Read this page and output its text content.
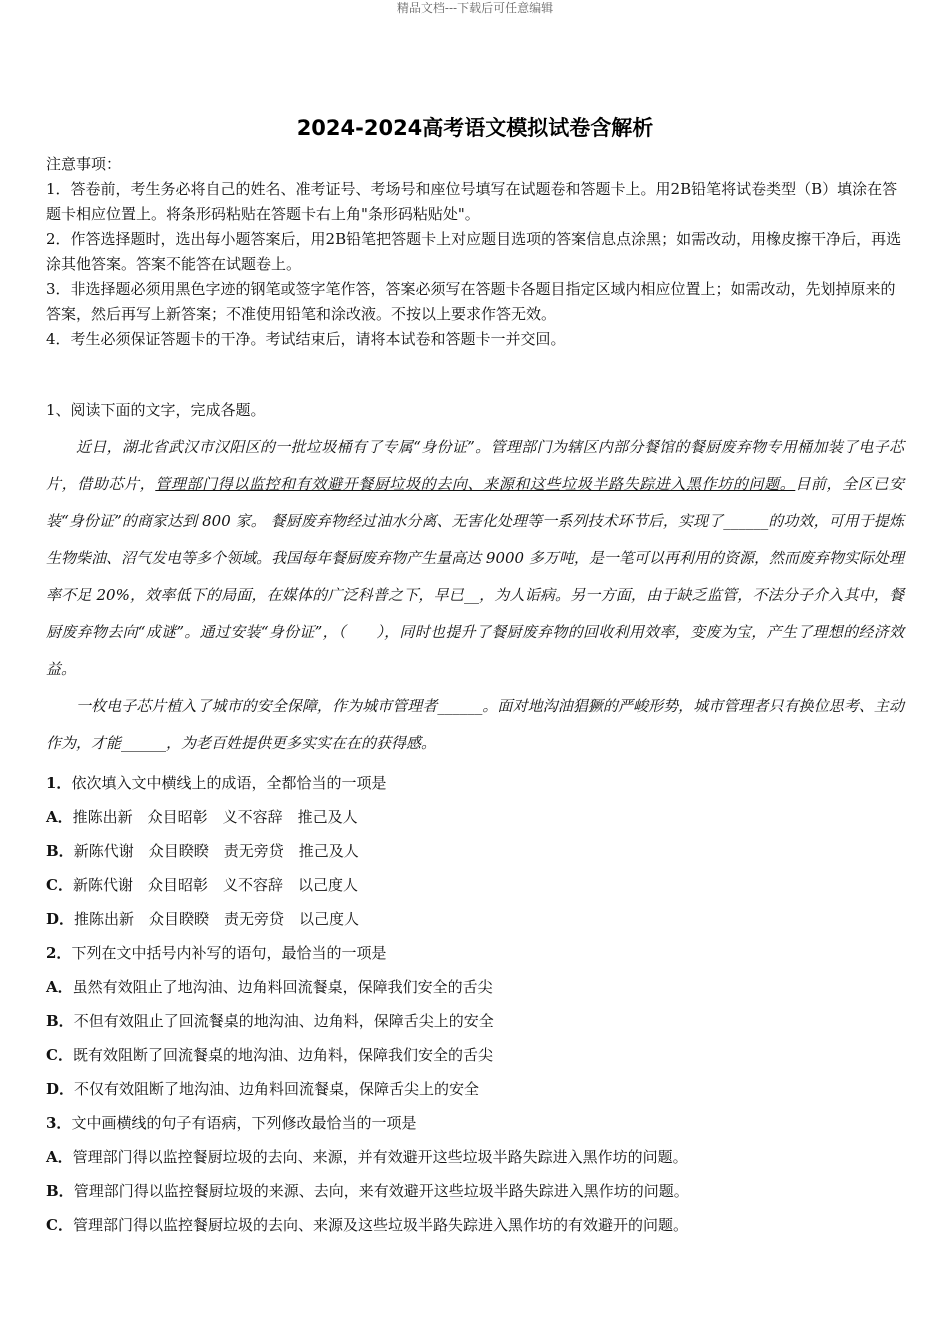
精品文档---下载后可任意编辑
2024-2024高考语文模拟试卷含解析

注意事项：

1．答卷前，考生务必将自己的姓名、准考证号、考场号和座位号填写在试题卷和答题卡上。用2B铅笔将试卷类型（B）填涂在答题卡相应位置上。将条形码粘贴在答题卡右上角"条形码粘贴处"。

2．作答选择题时，选出每小题答案后，用2B铅笔把答题卡上对应题目选项的答案信息点涂黑；如需改动，用橡皮擦干净后，再选涂其他答案。答案不能答在试题卷上。

3．非选择题必须用黑色字迹的钢笔或签字笔作答，答案必须写在答题卡各题目指定区域内相应位置上；如需改动，先划掉原来的答案，然后再写上新答案；不准使用铅笔和涂改液。不按以上要求作答无效。

4．考生必须保证答题卡的干净。考试结束后，请将本试卷和答题卡一并交回。

1、阅读下面的文字，完成各题。

近日，湖北省武汉市汉阳区的一批垃圾桶有了专属“身份证”。管理部门为辖区内部分餐馆的餐厨废弃物专用桶加装了电子芯片，借助芯片，管理部门得以监控和有效避开餐厨垃圾的去向、来源和这些垃圾半路失踪进入黑作坊的问题。目前，全区已安装“身份证”的商家达到 800 家。 餐厨废弃物经过油水分离、无害化处理等一系列技术环节后，实现了______的功效，可用于提炼生物柴油、沼气发电等多个领域。我国每年餐厨废弃物产生量高达 9000 多万吨，是一笔可以再利用的资源，然而废弃物实际处理率不足 20%，效率低下的局面，在媒体的广泛科普之下，早已__，为人诟病。另一方面，由于缺乏监管，不法分子介入其中，餐厨废弃物去向“成谜”。通过安装“身份证”，（　　），同时也提升了餐厨废弃物的回收利用效率，变废为宝，产生了理想的经济效益。

一枚电子芯片植入了城市的安全保障，作为城市管理者______。面对地沟油猖獗的严峻形势，城市管理者只有换位思考、主动作为，才能______，为老百姓提供更多实实在在的获得感。

1．依次填入文中横线上的成语，全都恰当的一项是

A．推陈出新　众目昭彰　义不容辞　推己及人

B．新陈代谢　众目睽睽　责无旁贷　推己及人

C．新陈代谢　众目昭彰　义不容辞　以己度人

D．推陈出新　众目睽睽　责无旁贷　以己度人

2．下列在文中括号内补写的语句，最恰当的一项是

A．虽然有效阻止了地沟油、边角料回流餐桌，保障我们安全的舌尖

B．不但有效阻止了回流餐桌的地沟油、边角料，保障舌尖上的安全

C．既有效阻断了回流餐桌的地沟油、边角料，保障我们安全的舌尖

D．不仅有效阻断了地沟油、边角料回流餐桌，保障舌尖上的安全

3．文中画横线的句子有语病，下列修改最恰当的一项是

A．管理部门得以监控餐厨垃圾的去向、来源，并有效避开这些垃圾半路失踪进入黑作坊的问题。

B．管理部门得以监控餐厨垃圾的来源、去向，来有效避开这些垃圾半路失踪进入黑作坊的问题。

C．管理部门得以监控餐厨垃圾的去向、来源及这些垃圾半路失踪进入黑作坊的有效避开的问题。
